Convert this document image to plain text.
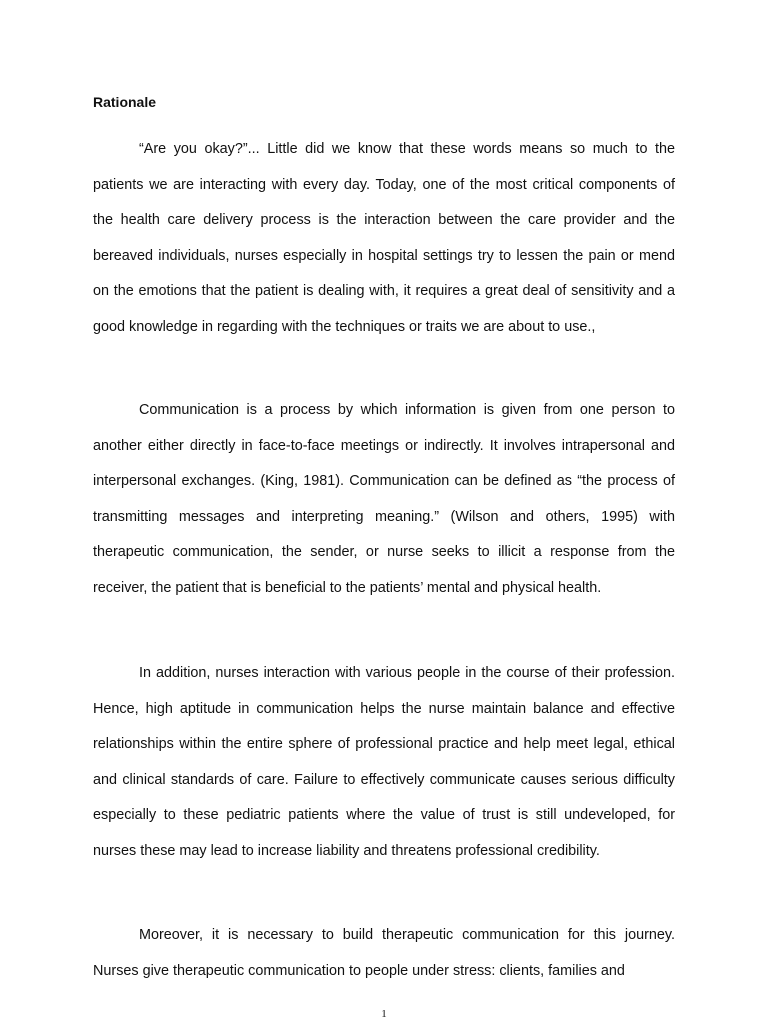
Rationale

“Are you okay?”... Little did we know that these words means so much to the patients we are interacting with every day. Today, one of the most critical components of the health care delivery process is the interaction between the care provider and the bereaved individuals, nurses especially in hospital settings try to lessen the pain or mend on the emotions that the patient is dealing with, it requires a great deal of sensitivity and a good knowledge in regarding with the techniques or traits we are about to use.,

Communication is a process by which information is given from one person to another either directly in face-to-face meetings or indirectly. It involves intrapersonal and interpersonal exchanges. (King, 1981). Communication can be defined as “the process of transmitting messages and interpreting meaning.” (Wilson and others, 1995) with therapeutic communication, the sender, or nurse seeks to illicit a response from the receiver, the patient that is beneficial to the patients’ mental and physical health.

In addition, nurses interaction with various people in the course of their profession. Hence, high aptitude in communication helps the nurse maintain balance and effective relationships within the entire sphere of professional practice and help meet legal, ethical and clinical standards of care. Failure to effectively communicate causes serious difficulty especially to these pediatric patients where the value of trust is still undeveloped, for nurses these may lead to increase liability and threatens professional credibility.

Moreover, it is necessary to build therapeutic communication for this journey. Nurses give therapeutic communication to people under stress: clients, families and

1
